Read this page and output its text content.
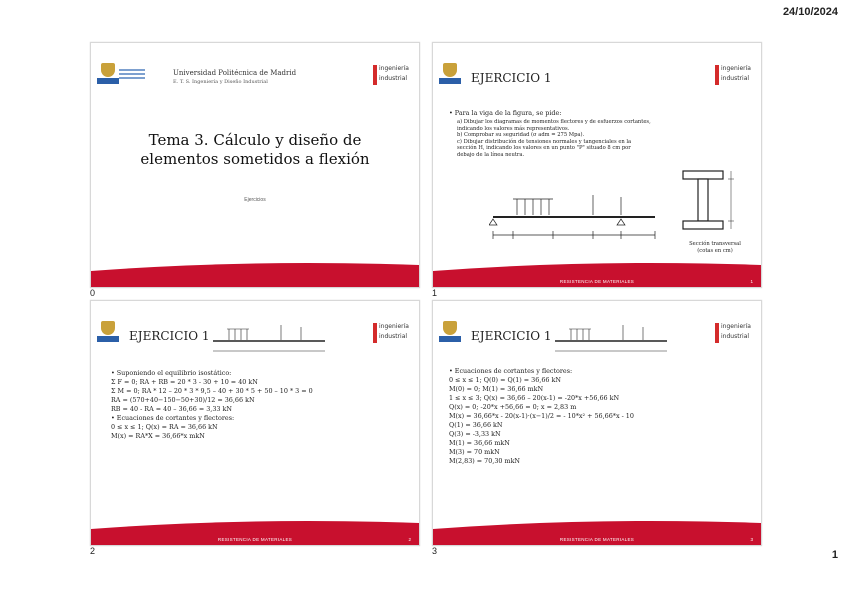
24/10/2024
Universidad Politécnica de Madrid
E. T. S. Ingeniería y Diseño Industrial
ingeniería
industrial
Tema 3. Cálculo y diseño de elementos sometidos a flexión
Ejercicios
0
EJERCICIO 1
ingeniería
industrial
• Para la viga de la figura, se pide:
a) Dibujar los diagramas de momentos flectores y de esfuerzos cortantes,
indicando los valores más representativos.
b) Comprobar su seguridad (σ adm = 275 Mpa).
c) Dibujar distribución de tensiones normales y tangenciales en la
sección H, indicando los valores en un punto "P" situado 8 cm por
debajo de la línea neutra.
Sección transversal
(cotas en cm)
RESISTENCIA DE MATERIALES	1
1
EJERCICIO 1
ingeniería
industrial
• Suponiendo el equilibrio isostático:
Σ F = 0; RA + RB = 20 * 3 - 30 + 10 = 40 kN
Σ M = 0; RA * 12 – 20 * 3 * 9,5 – 40 + 30 * 5 + 50 – 10 * 3 = 0
RA = (570+40−150−50+30)/12 = 36,66 kN
RB = 40 - RA = 40 – 36,66 = 3,33 kN
• Ecuaciones de cortantes y flectores:
0 ≤ x ≤ 1; Q(x) = RA = 36,66 kN
M(x) = RA*X = 36,66*x mkN
RESISTENCIA DE MATERIALES	2
2
EJERCICIO 1
ingeniería
industrial
• Ecuaciones de cortantes y flectores:
0 ≤ x ≤ 1; Q(0) = Q(1) = 36,66 kN
M(0) = 0; M(1) = 36,66 mkN
1 ≤ x ≤ 3; Q(x) = 36,66 – 20(x-1) = -20*x +56,66 kN
Q(x) = 0; -20*x +56,66 = 0; x = 2,83 m
M(x) = 36,66*x - 20(x-1)·(x−1)/2 = - 10*x² + 56,66*x - 10
Q(1) = 36,66 kN
Q(3) = -3,33 kN
M(1) = 36,66 mkN
M(3) = 70 mkN
M(2,83) = 70,30 mkN
RESISTENCIA DE MATERIALES	3
3	1
